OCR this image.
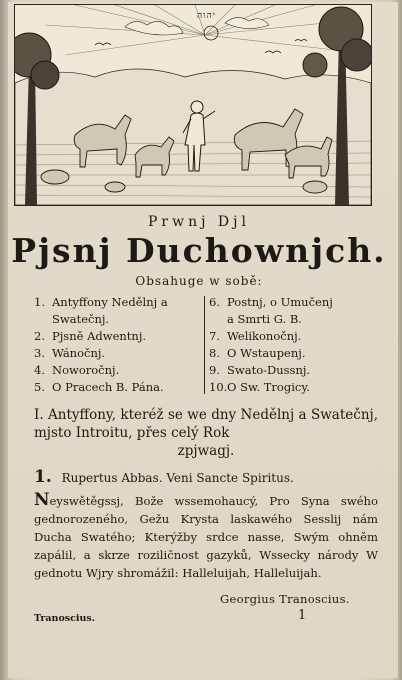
יהוה
Prwnj Djl
Pjsnj Duchownjch.
Obsahuge w sobě:
1. Antyffony Nedělnj a
Swatečnj.
2. Pjsně Adwentnj.
3. Wánočnj.
4. Noworočnj.
5. O Pracech B. Pána.
6. Postnj, o Umučenj
a Smrti G. B.
7. Welikonočnj.
8. O Wstaupenj.
9. Swato-Dussnj.
10.O Sw. Trogicy.
I. Antyffony, kteréž se we dny Nedělnj a Swatečnj, mjsto Introitu, přes celý Rok
zpjwagj.
1. Rupertus Abbas. Veni Sancte Spiritus.
Neyswětěgssj, Bože wssemohaucý, Pro Syna swého gednorozeného, Gežu Krysta laskawého Sesslij nám Ducha Swatého; Kterýžby srdce nasse, Swým ohněm zapálil, a skrze roziličnost gazyků, Wssecky národy W gednotu Wjry shromážil: Halleluijah, Halleluijah.
Georgius Tranoscius.
Tranoscius.	1
